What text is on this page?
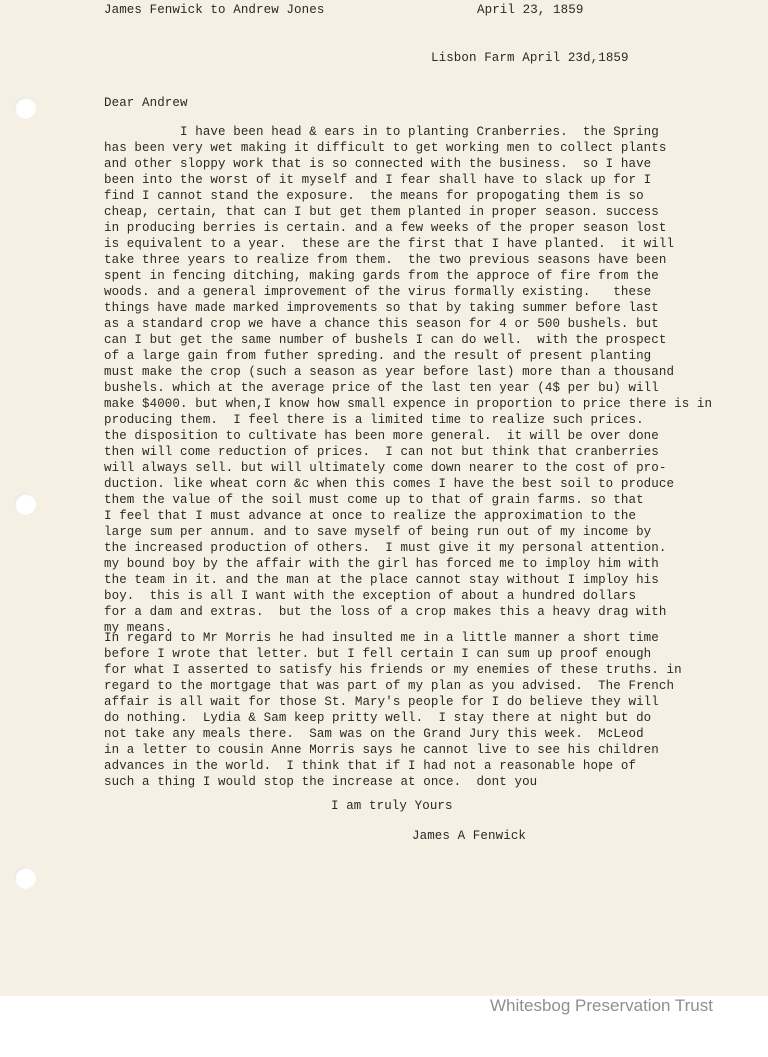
James Fenwick to Andrew Jones	April 23, 1859
Lisbon Farm April 23d,1859
Dear Andrew
I have been head & ears in to planting Cranberries.  the Spring
has been very wet making it difficult to get working men to collect plants
and other sloppy work that is so connected with the business.  so I have
been into the worst of it myself and I fear shall have to slack up for I
find I cannot stand the exposure.  the means for propogating them is so
cheap, certain, that can I but get them planted in proper season. success
in producing berries is certain. and a few weeks of the proper season lost
is equivalent to a year.  these are the first that I have planted.  it will
take three years to realize from them.  the two previous seasons have been
spent in fencing ditching, making gards from the approce of fire from the
woods. and a general improvement of the virus formally existing.   these
things have made marked improvements so that by taking summer before last
as a standard crop we have a chance this season for 4 or 500 bushels. but
can I but get the same number of bushels I can do well.  with the prospect
of a large gain from futher spreding. and the result of present planting
must make the crop (such a season as year before last) more than a thousand
bushels. which at the average price of the last ten year (4$ per bu) will
make $4000. but when,I know how small expence in proportion to price there is in
producing them.  I feel there is a limited time to realize such prices.
the disposition to cultivate has been more general.  it will be over done
then will come reduction of prices.  I can not but think that cranberries
will always sell. but will ultimately come down nearer to the cost of pro-
duction. like wheat corn &c when this comes I have the best soil to produce
them the value of the soil must come up to that of grain farms. so that
I feel that I must advance at once to realize the approximation to the
large sum per annum. and to save myself of being run out of my income by
the increased production of others.  I must give it my personal attention.
my bound boy by the affair with the girl has forced me to imploy him with
the team in it. and the man at the place cannot stay without I imploy his
boy.  this is all I want with the exception of about a hundred dollars
for a dam and extras.  but the loss of a crop makes this a heavy drag with
my means.
In regard to Mr Morris he had insulted me in a little manner a short time
before I wrote that letter. but I fell certain I can sum up proof enough
for what I asserted to satisfy his friends or my enemies of these truths. in
regard to the mortgage that was part of my plan as you advised.  The French
affair is all wait for those St. Mary's people for I do believe they will
do nothing.  Lydia & Sam keep pritty well.  I stay there at night but do
not take any meals there.  Sam was on the Grand Jury this week.  McLeod
in a letter to cousin Anne Morris says he cannot live to see his children
advances in the world.  I think that if I had not a reasonable hope of
such a thing I would stop the increase at once.  dont you
I am truly Yours
James A Fenwick
Whitesbog Preservation Trust
